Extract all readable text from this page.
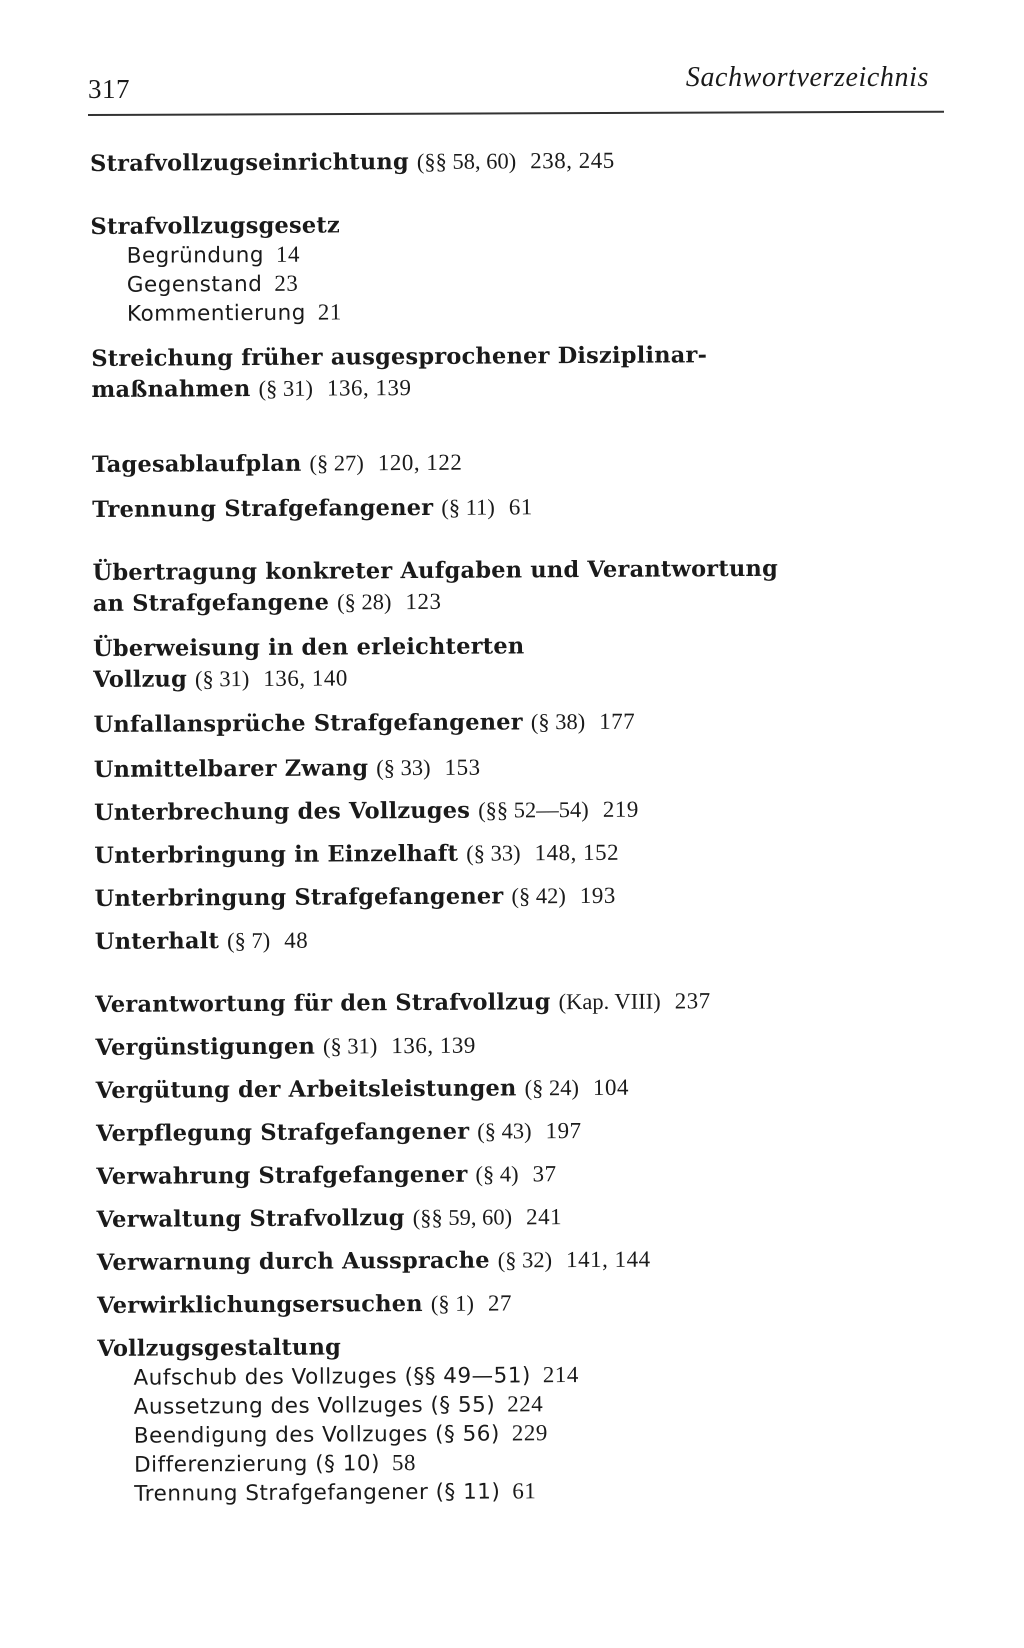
317	Sachwortverzeichnis
Strafvollzugseinrichtung (§§ 58, 60) 238, 245
Strafvollzugsgesetz
Begründung 14
Gegenstand 23
Kommentierung 21
Streichung früher ausgesprochener Disziplinar-
maßnahmen (§ 31) 136, 139
Tagesablaufplan (§ 27) 120, 122
Trennung Strafgefangener (§ 11) 61
Übertragung konkreter Aufgaben und Verantwortung
an Strafgefangene (§ 28) 123
Überweisung in den erleichterten
Vollzug (§ 31) 136, 140
Unfallansprüche Strafgefangener (§ 38) 177
Unmittelbarer Zwang (§ 33) 153
Unterbrechung des Vollzuges (§§ 52—54) 219
Unterbringung in Einzelhaft (§ 33) 148, 152
Unterbringung Strafgefangener (§ 42) 193
Unterhalt (§ 7) 48
Verantwortung für den Strafvollzug (Kap. VIII) 237
Vergünstigungen (§ 31) 136, 139
Vergütung der Arbeitsleistungen (§ 24) 104
Verpflegung Strafgefangener (§ 43) 197
Verwahrung Strafgefangener (§ 4) 37
Verwaltung Strafvollzug (§§ 59, 60) 241
Verwarnung durch Aussprache (§ 32) 141, 144
Verwirklichungsersuchen (§ 1) 27
Vollzugsgestaltung
Aufschub des Vollzuges (§§ 49—51) 214
Aussetzung des Vollzuges (§ 55) 224
Beendigung des Vollzuges (§ 56) 229
Differenzierung (§ 10) 58
Trennung Strafgefangener (§ 11) 61
